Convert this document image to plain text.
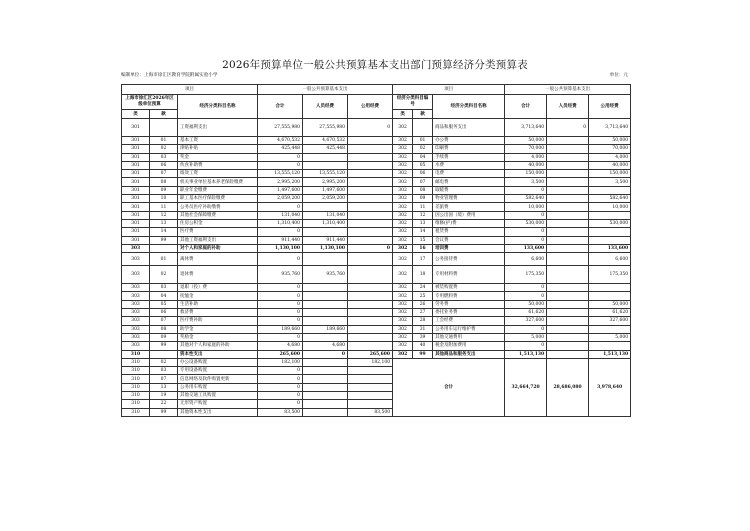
2026年预算单位一般公共预算基本支出部门预算经济分类预算表
编制单位：上海市徐汇区教育学院附属实验小学	单位：元
项目			一般公共预算基本支出			项目			一般公共预算基本支出		
上海市徐汇区2026年区级单位预算		经济分类科目名称	合计	人员经费	公用经费	经济分类科目编号		经济分类科目名称	合计	人员经费	公用经费
类	款					类	款				
301		工资福利支出	27,555,980	27,555,980	0	302		商品和服务支出	3,713,640	0	3,713,640
301	01	基本工资	4,670,532	4,670,532		302	01	办公费	50,000		50,000
301	02	津贴补贴	425,448	425,448		302	02	印刷费	70,000		70,000
301	03	奖金	0			302	04	手续费	4,000		4,000
301	06	伙食补助费	0			302	05	水费	40,000		40,000
301	07	绩效工资	13,555,120	13,555,120		302	06	电费	150,000		150,000
301	08	机关事业单位基本养老保险缴费	2,995,200	2,995,200		302	07	邮电费	3,500		3,500
301	09	职业年金缴费	1,497,600	1,497,600		302	08	取暖费	0		
301	10	职工基本医疗保险缴费	2,059,200	2,059,200		302	09	物业管理费	582,640		582,640
301	11	公务员医疗补助缴费	0			302	11	差旅费	10,000		10,000
301	12	其他社会保障缴费	131,040	131,040		302	12	因公出国（境）费用	0		
301	13	住房公积金	1,310,400	1,310,400		302	13	维修(护)费	530,000		530,000
301	14	医疗费	0			302	14	租赁费	0		
301	99	其他工资福利支出	911,440	911,440		302	15	会议费	0		
303		对个人和家庭的补助	1,130,100	1,130,100	0	302	16	培训费	133,600		133,600
303	01	离休费	0			302	17	公务接待费	6,600		6,600
303	02	退休费	935,760	935,760		302	18	专用材料费	175,350		175,350
303	03	退职（役）费	0			302	24	被装购置费	0		
303	04	抚恤金	0			302	25	专用燃料费	0		
303	05	生活补助	0			302	26	劳务费	50,000		50,000
303	06	救济费	0			302	27	委托业务费	61,620		61,620
303	07	医疗费补助	0			302	28	工会经费	327,600		327,600
303	08	助学金	189,660	189,660		302	31	公务用车运行维护费	0		
303	09	奖励金	0			302	39	其他交通费用	5,000		5,000
303	99	其他对个人和家庭的补助	4,680	4,680		302	40	税金及附加费用	0		
310		资本性支出	265,600	0	265,600	302	99	其他商品和服务支出	1,513,130		1,513,130
310	02	办公设备购置	182,100		182,100	合计			32,664,720	28,686,080	3,978,640
310	03	专用设备购置	0								
310	07	信息网络及软件购置更新	0								
310	13	公务用车购置	0								
310	19	其他交通工具购置	0								
310	22	无形资产购置	0								
310	99	其他资本性支出	83,500		83,500						
